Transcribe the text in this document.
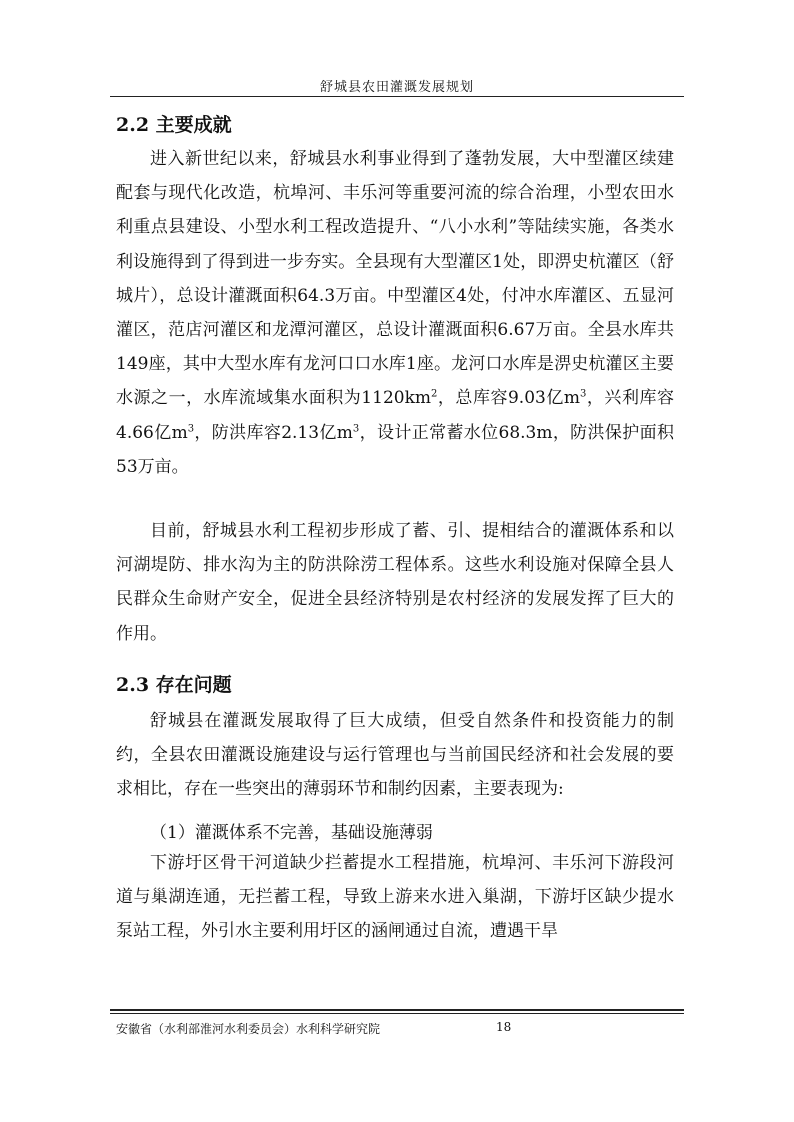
舒城县农田灌溉发展规划
2.2 主要成就

进入新世纪以来，舒城县水利事业得到了蓬勃发展，大中型灌区续建配套与现代化改造，杭埠河、丰乐河等重要河流的综合治理，小型农田水利重点县建设、小型水利工程改造提升、“八小水利”等陆续实施，各类水利设施得到了得到进一步夯实。全县现有大型灌区1处，即淠史杭灌区（舒城片），总设计灌溉面积64.3万亩。中型灌区4处，付冲水库灌区、五显河灌区，范店河灌区和龙潭河灌区，总设计灌溉面积6.67万亩。全县水库共149座，其中大型水库有龙河口口水库1座。龙河口水库是淠史杭灌区主要水源之一，水库流域集水面积为$1120km^2$，总库容9.03亿$m^3$，兴利库容4.66亿$m^3$，防洪库容2.13亿$m^3$，设计正常蓄水位68.3m，防洪保护面积53万亩。

目前，舒城县水利工程初步形成了蓄、引、提相结合的灌溉体系和以河湖堤防、排水沟为主的防洪除涝工程体系。这些水利设施对保障全县人民群众生命财产安全，促进全县经济特别是农村经济的发展发挥了巨大的作用。

2.3 存在问题

舒城县在灌溉发展取得了巨大成绩，但受自然条件和投资能力的制约，全县农田灌溉设施建设与运行管理也与当前国民经济和社会发展的要求相比，存在一些突出的薄弱环节和制约因素，主要表现为:

（1）灌溉体系不完善，基础设施薄弱

下游圩区骨干河道缺少拦蓄提水工程措施，杭埠河、丰乐河下游段河道与巢湖连通，无拦蓄工程，导致上游来水进入巢湖，下游圩区缺少提水泵站工程，外引水主要利用圩区的涵闸通过自流，遭遇干旱

安徽省（水利部淮河水利委员会）水利科学研究院	18
